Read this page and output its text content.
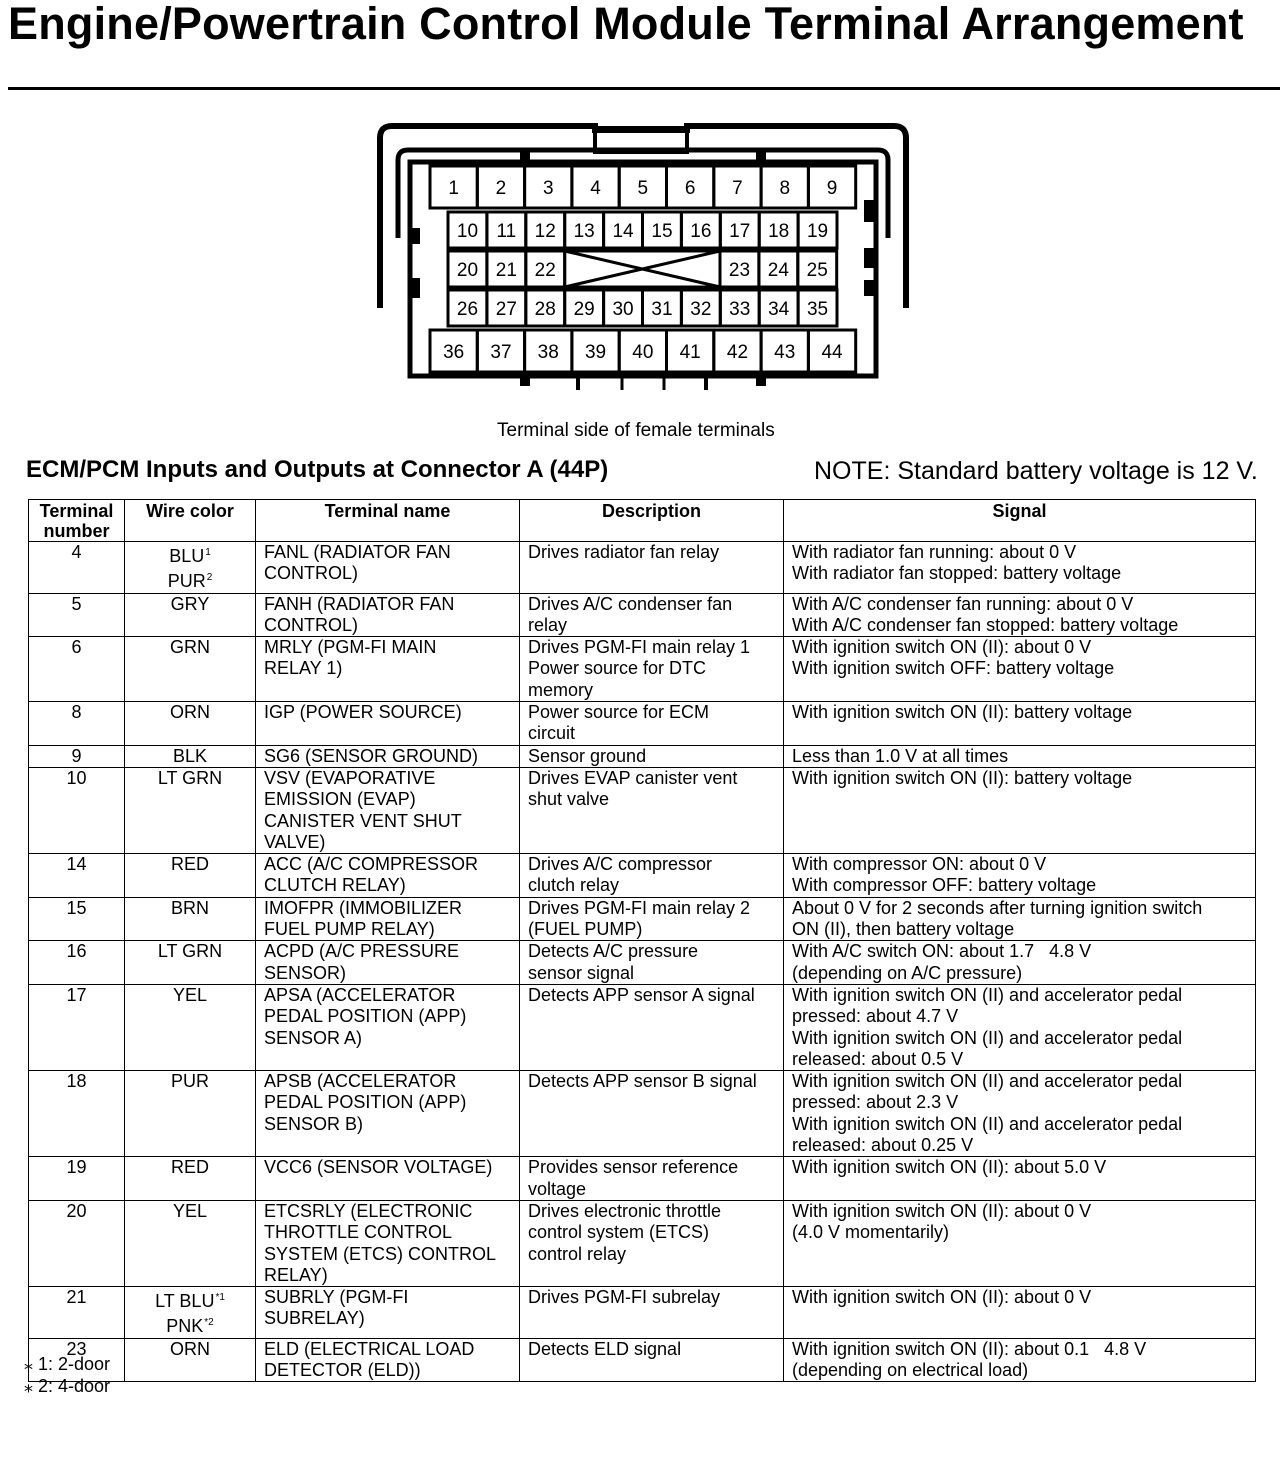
Engine/Powertrain Control Module Terminal Arrangement
1 2 3 4 5 6 7 8 9
10 11 12 13 14 15 16 17 18 19
20 21 22	23 24 25
26 27 28 29 30 31 32 33 34 35
36 37 38 39 40 41 42 43 44
Terminal side of female terminals
ECM/PCM Inputs and Outputs at Connector A (44P)	NOTE: Standard battery voltage is 12 V.
Terminal
number	Wire color	Terminal name	Description	Signal
4	BLU$^1$
PUR$^2$	FANL (RADIATOR FAN
CONTROL)	Drives radiator fan relay	With radiator fan running: about 0 V
With radiator fan stopped: battery voltage

5	GRY	FANH (RADIATOR FAN
CONTROL)	Drives A/C condenser fan
relay	With A/C condenser fan running: about 0 V
With A/C condenser fan stopped: battery voltage

6	GRN	MRLY (PGM-FI MAIN
RELAY 1)	Drives PGM-FI main relay 1
Power source for DTC
memory	With ignition switch ON (II): about 0 V
With ignition switch OFF: battery voltage

8	ORN	IGP (POWER SOURCE)	Power source for ECM
circuit	With ignition switch ON (II): battery voltage

9	BLK	SG6 (SENSOR GROUND)	Sensor ground	Less than 1.0 V at all times

10	LT GRN	VSV (EVAPORATIVE
EMISSION (EVAP)
CANISTER VENT SHUT
VALVE)	Drives EVAP canister vent
shut valve	With ignition switch ON (II): battery voltage

14	RED	ACC (A/C COMPRESSOR
CLUTCH RELAY)	Drives A/C compressor
clutch relay	With compressor ON: about 0 V
With compressor OFF: battery voltage

15	BRN	IMOFPR (IMMOBILIZER
FUEL PUMP RELAY)	Drives PGM-FI main relay 2
(FUEL PUMP)	About 0 V for 2 seconds after turning ignition switch
ON (II), then battery voltage

16	LT GRN	ACPD (A/C PRESSURE
SENSOR)	Detects A/C pressure
sensor signal	With A/C switch ON: about 1.7   4.8 V
(depending on A/C pressure)

17	YEL	APSA (ACCELERATOR
PEDAL POSITION (APP)
SENSOR A)	Detects APP sensor A signal	With ignition switch ON (II) and accelerator pedal
pressed: about 4.7 V
With ignition switch ON (II) and accelerator pedal
released: about 0.5 V

18	PUR	APSB (ACCELERATOR
PEDAL POSITION (APP)
SENSOR B)	Detects APP sensor B signal	With ignition switch ON (II) and accelerator pedal
pressed: about 2.3 V
With ignition switch ON (II) and accelerator pedal
released: about 0.25 V

19	RED	VCC6 (SENSOR VOLTAGE)	Provides sensor reference
voltage	With ignition switch ON (II): about 5.0 V

20	YEL	ETCSRLY (ELECTRONIC
THROTTLE CONTROL
SYSTEM (ETCS) CONTROL
RELAY)	Drives electronic throttle
control system (ETCS)
control relay	With ignition switch ON (II): about 0 V
(4.0 V momentarily)

21	LT BLU$^{*1}$
PNK$^{*2}$	SUBRLY (PGM-FI
SUBRELAY)	Drives PGM-FI subrelay	With ignition switch ON (II): about 0 V

23	ORN	ELD (ELECTRICAL LOAD
DETECTOR (ELD))	Detects ELD signal	With ignition switch ON (II): about 0.1   4.8 V
(depending on electrical load)
⁎ 1: 2-door
⁎ 2: 4-door
